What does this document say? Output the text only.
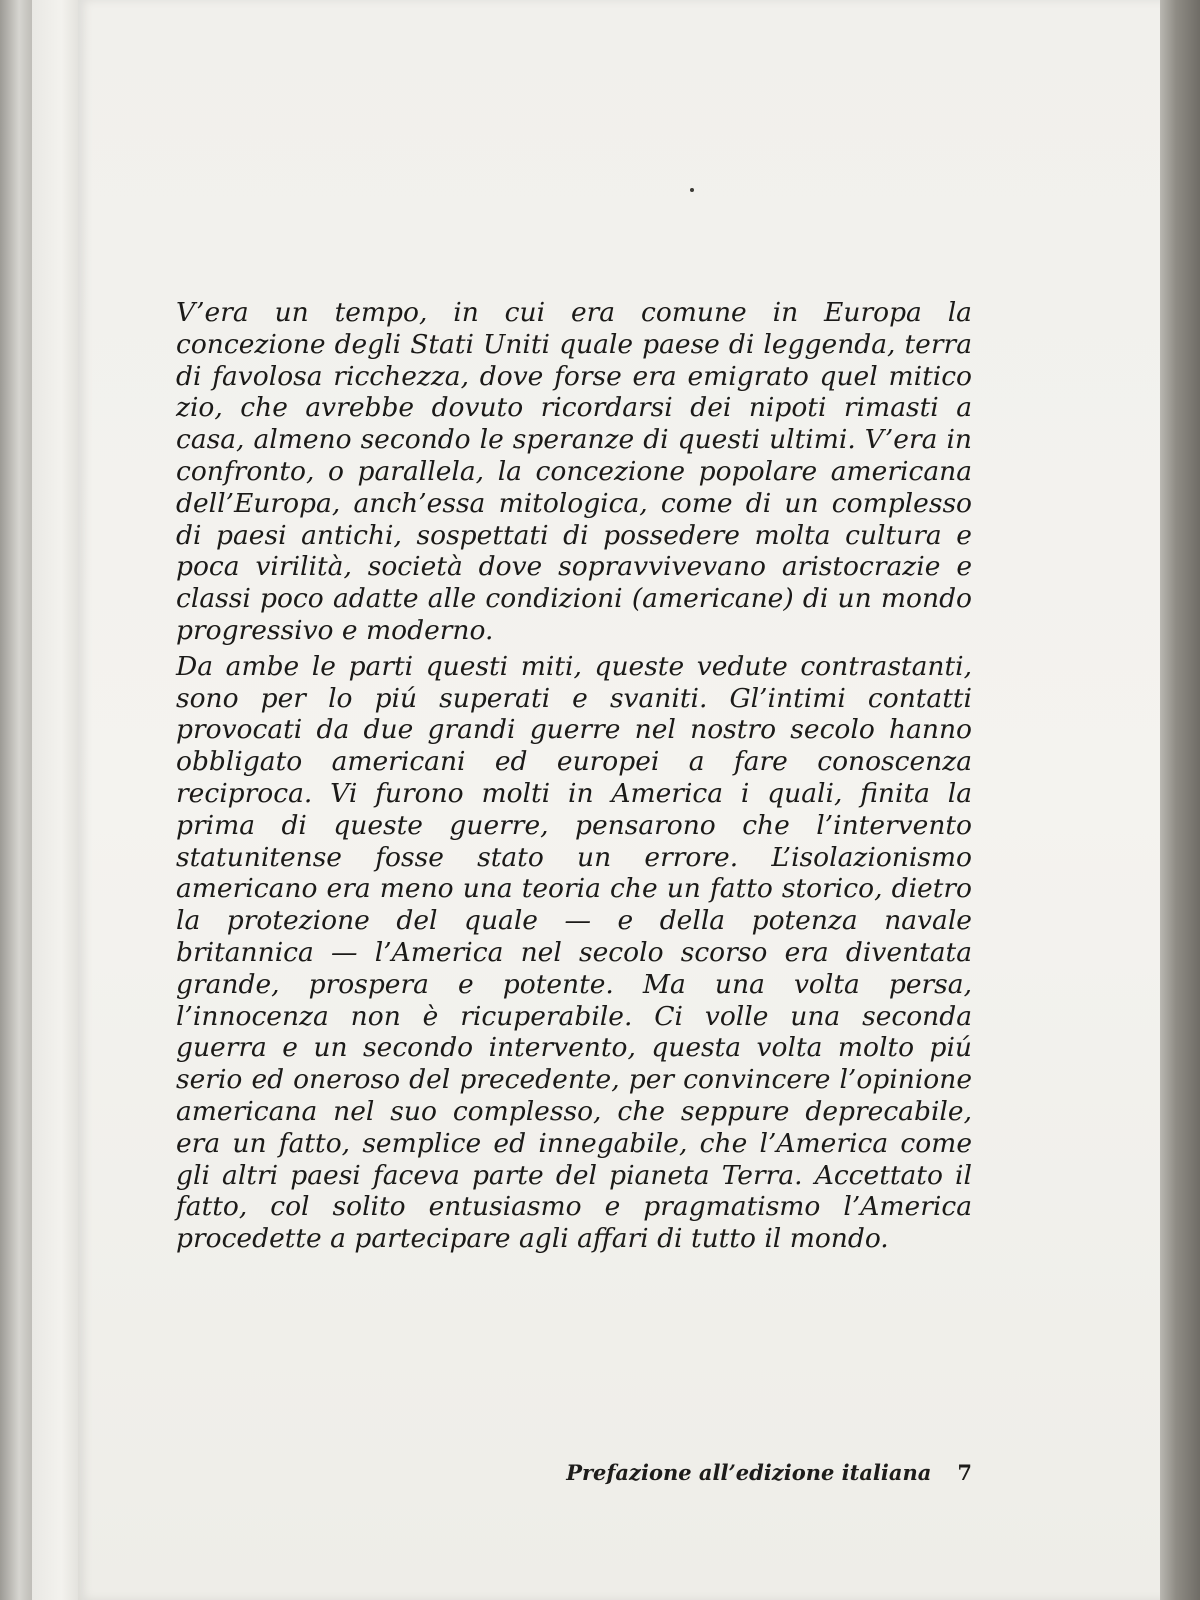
V’era un tempo, in cui era comune in Europa la concezione degli Stati Uniti quale paese di leggenda, terra di favolosa ricchezza, dove forse era emigrato quel mitico zio, che avrebbe dovuto ricordarsi dei nipoti rimasti a casa, almeno secondo le speranze di questi ultimi. V’era in confronto, o parallela, la concezione popolare americana dell’Europa, anch’essa mitologica, come di un complesso di paesi antichi, sospettati di possedere molta cultura e poca virilità, società dove sopravvivevano aristocrazie e classi poco adatte alle condizioni (americane) di un mondo progressivo e moderno.

Da ambe le parti questi miti, queste vedute contrastanti, sono per lo piú superati e svaniti. Gl’intimi contatti provocati da due grandi guerre nel nostro secolo hanno obbligato americani ed europei a fare conoscenza reciproca. Vi furono molti in America i quali, finita la prima di queste guerre, pensarono che l’intervento statunitense fosse stato un errore. L’isolazionismo americano era meno una teoria che un fatto storico, dietro la protezione del quale — e della potenza navale britannica — l’America nel secolo scorso era diventata grande, prospera e potente. Ma una volta persa, l’innocenza non è ricuperabile. Ci volle una seconda guerra e un secondo intervento, questa volta molto piú serio ed oneroso del precedente, per convincere l’opinione americana nel suo complesso, che seppure deprecabile, era un fatto, semplice ed innegabile, che l’America come gli altri paesi faceva parte del pianeta Terra. Accettato il fatto, col solito entusiasmo e pragmatismo l’America procedette a partecipare agli affari di tutto il mondo.

Prefazione all’edizione italiana 7
